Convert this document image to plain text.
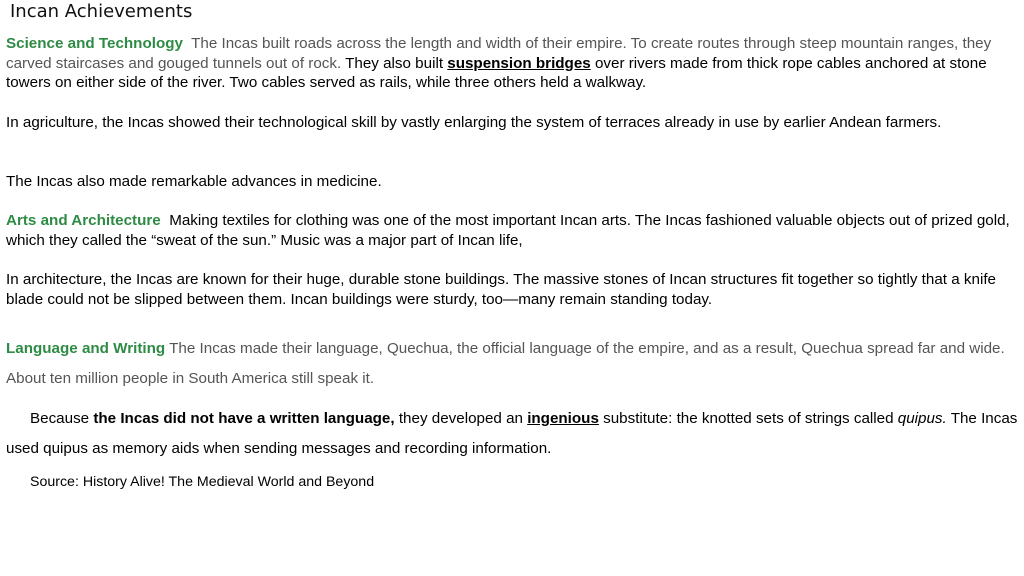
Incan Achievements
Science and Technology The Incas built roads across the length and width of their empire. To create routes through steep mountain ranges, they carved staircases and gouged tunnels out of rock. They also built suspension bridges over rivers made from thick rope cables anchored at stone towers on either side of the river. Two cables served as rails, while three others held a walkway.
In agriculture, the Incas showed their technological skill by vastly enlarging the system of terraces already in use by earlier Andean farmers.
The Incas also made remarkable advances in medicine.
Arts and Architecture Making textiles for clothing was one of the most important Incan arts. The Incas fashioned valuable objects out of prized gold, which they called the “sweat of the sun.” Music was a major part of Incan life,
In architecture, the Incas are known for their huge, durable stone buildings. The massive stones of Incan structures fit together so tightly that a knife blade could not be slipped between them. Incan buildings were sturdy, too—many remain standing today.
Language and Writing The Incas made their language, Quechua, the official language of the empire, and as a result, Quechua spread far and wide. About ten million people in South America still speak it.
Because the Incas did not have a written language, they developed an ingenious substitute: the knotted sets of strings called quipus. The Incas used quipus as memory aids when sending messages and recording information.
Source: History Alive! The Medieval World and Beyond
